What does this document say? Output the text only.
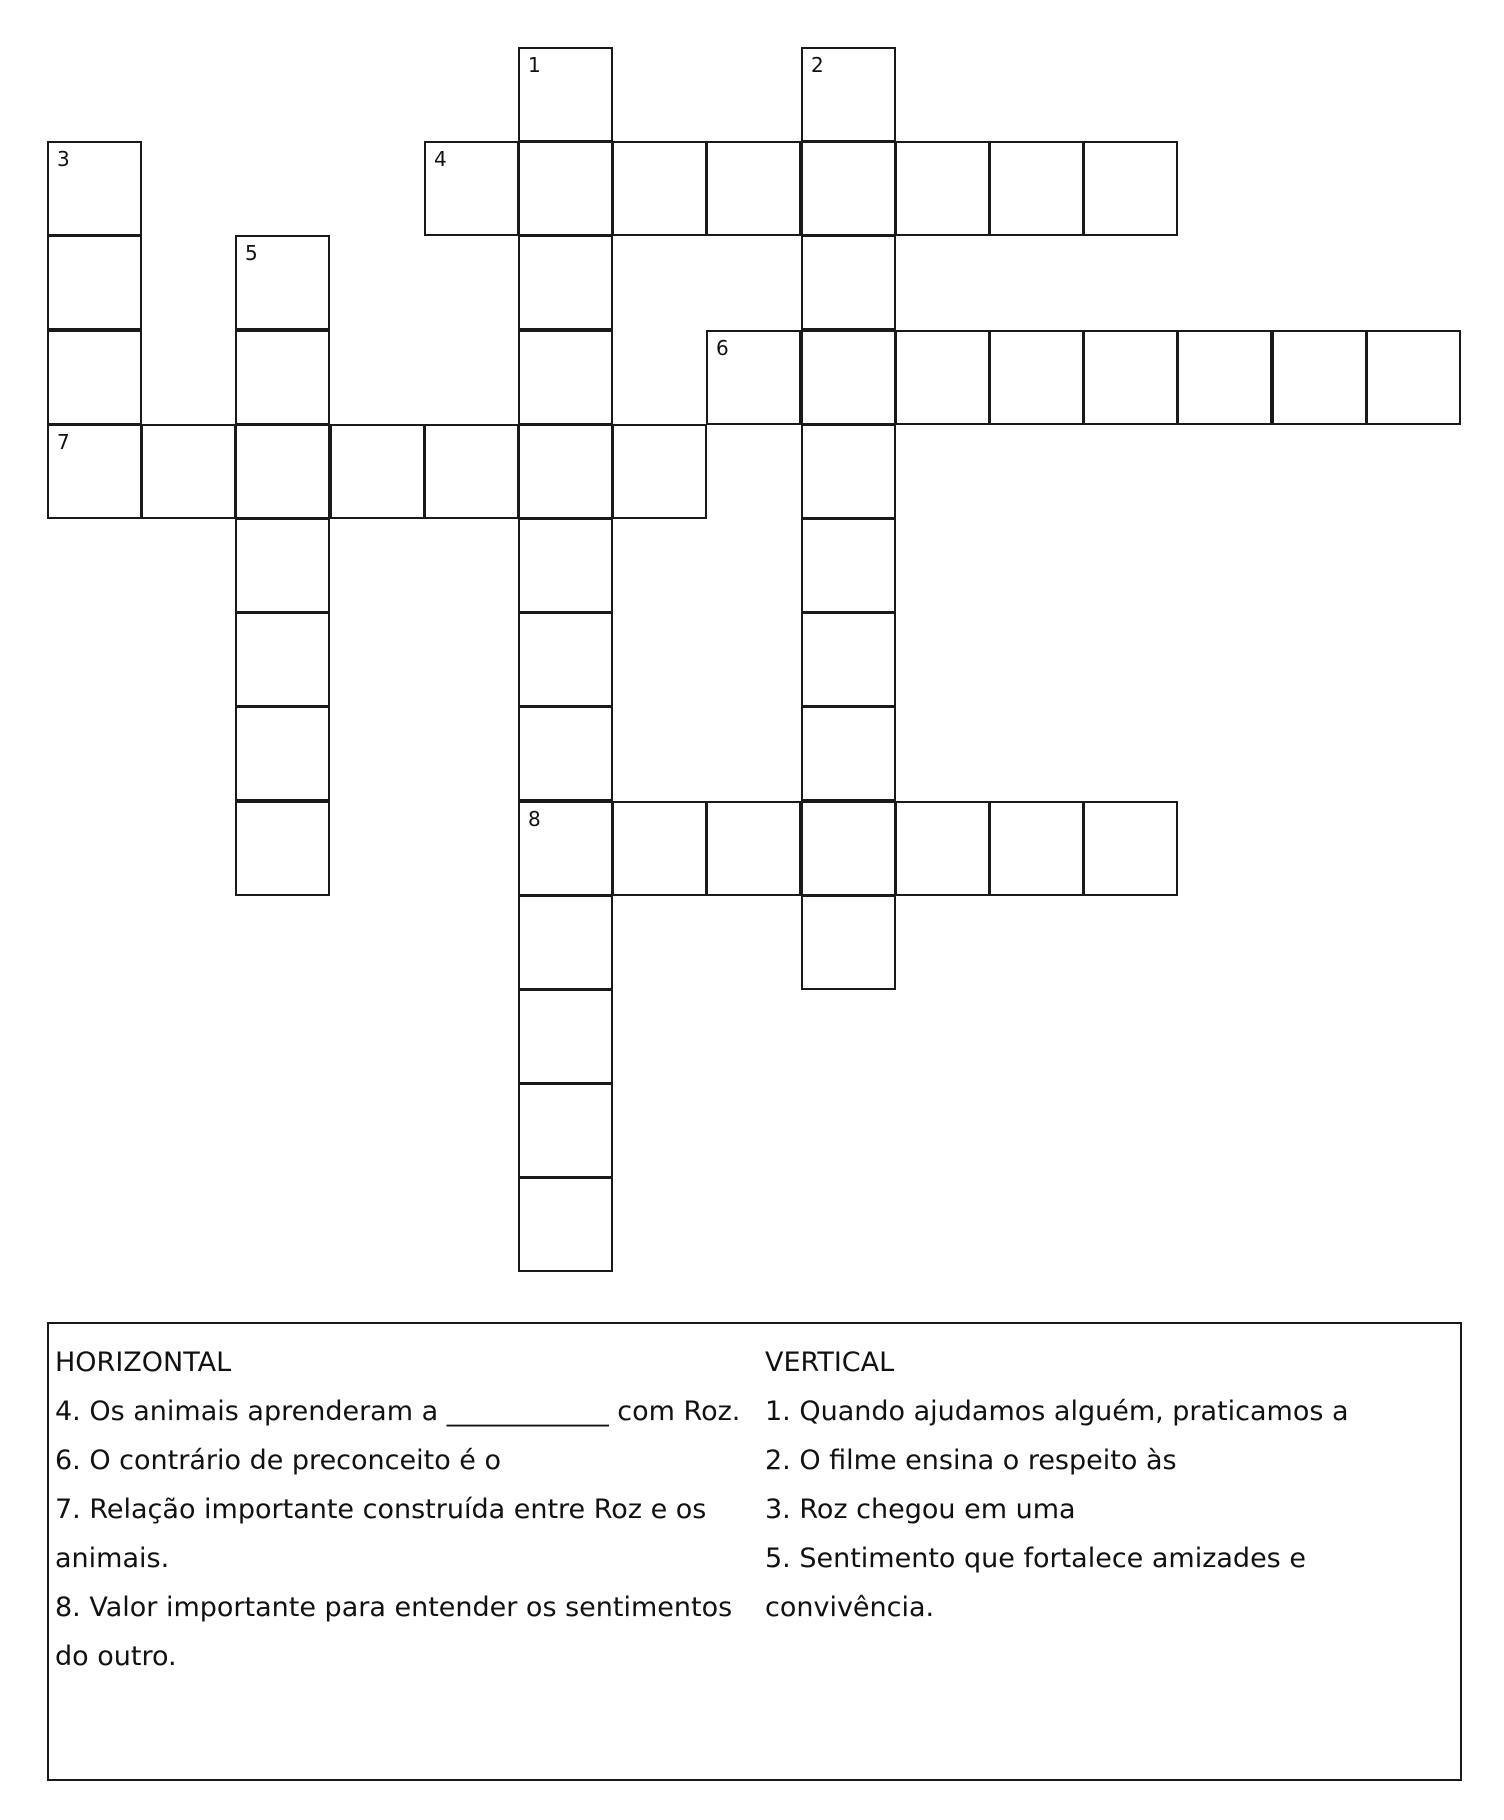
1
8
2
3
7
4
5
6
HORIZONTAL
4. Os animais aprenderam a ____________ com Roz.
6. O contrário de preconceito é o
7. Relação importante construída entre Roz e os animais.
8. Valor importante para entender os sentimentos do outro.
VERTICAL
1. Quando ajudamos alguém, praticamos a
2. O filme ensina o respeito às
3. Roz chegou em uma
5. Sentimento que fortalece amizades e convivência.
